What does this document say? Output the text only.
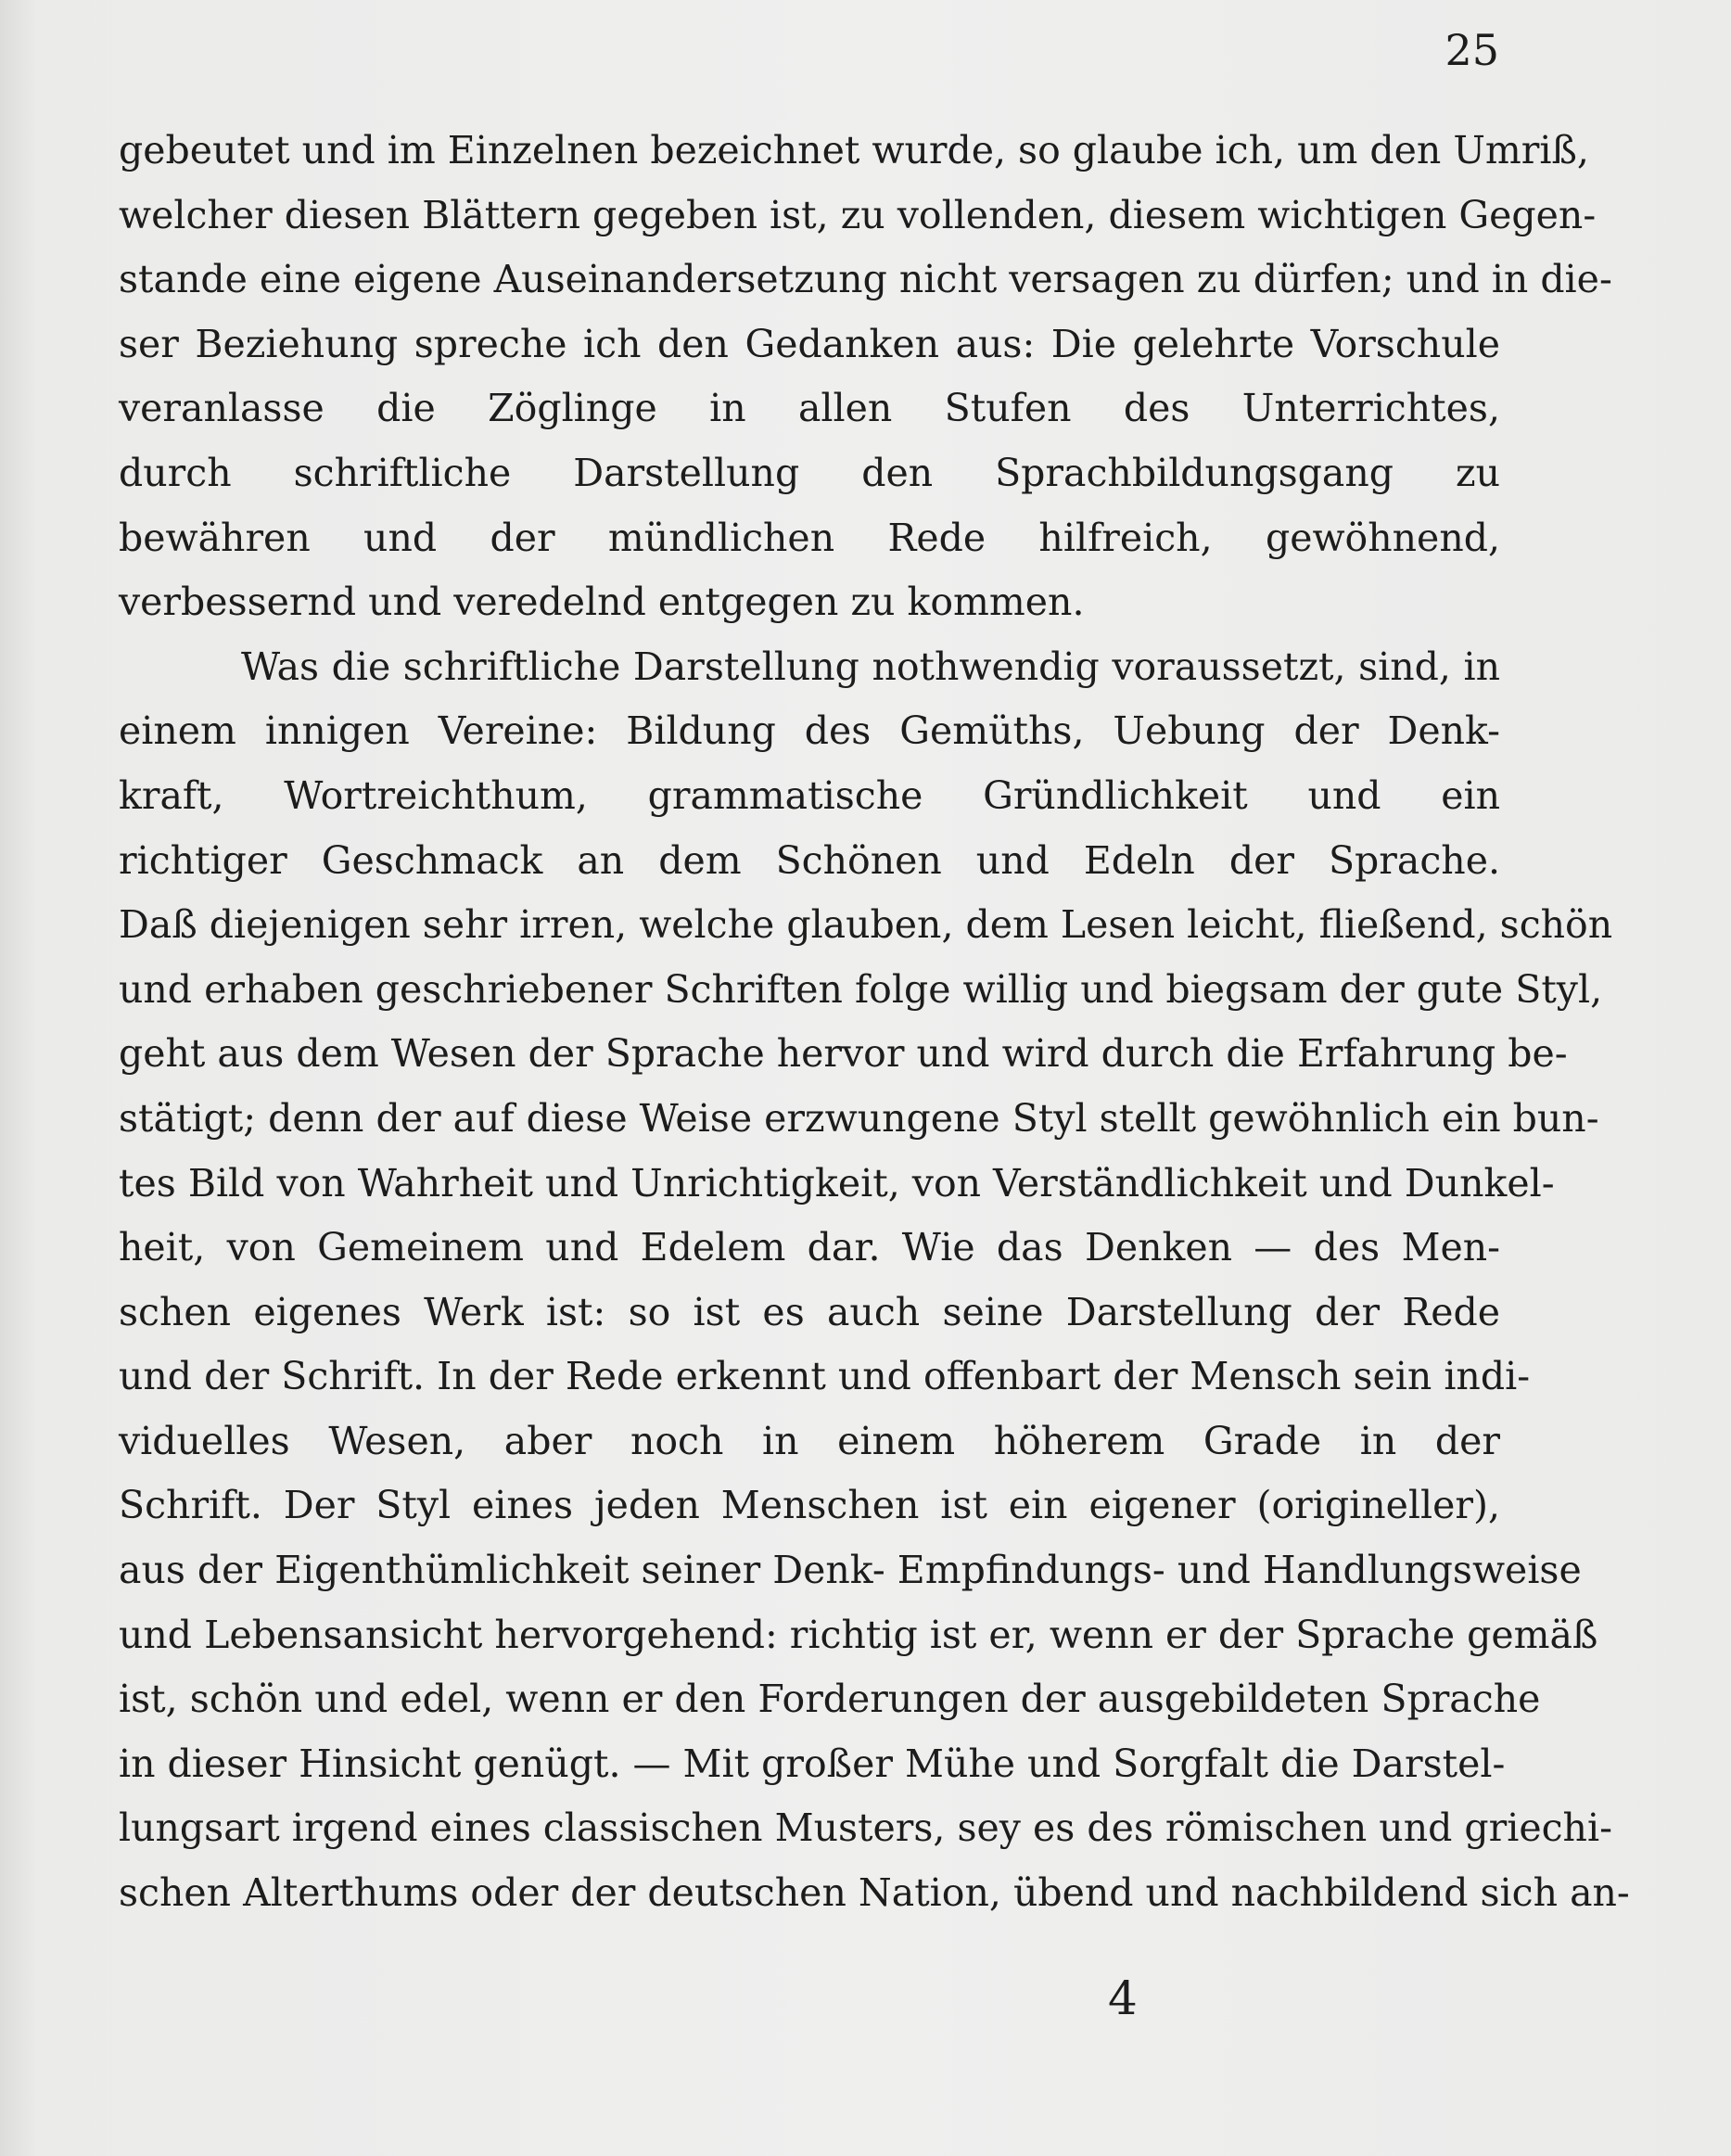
25
gebeutet und im Einzelnen bezeichnet wurde, so glaube ich, um den Umriß,
welcher diesen Blättern gegeben ist, zu vollenden, diesem wichtigen Gegen-
stande eine eigene Auseinandersetzung nicht versagen zu dürfen; und in die-
ser Beziehung spreche ich den Gedanken aus: Die gelehrte Vorschule
veranlasse die Zöglinge in allen Stufen des Unterrichtes,
durch schriftliche Darstellung den Sprachbildungsgang zu
bewähren und der mündlichen Rede hilfreich, gewöhnend,
verbessernd und veredelnd entgegen zu kommen.
Was die schriftliche Darstellung nothwendig voraussetzt, sind, in
einem innigen Vereine: Bildung des Gemüths, Uebung der Denk-
kraft, Wortreichthum, grammatische Gründlichkeit und ein
richtiger Geschmack an dem Schönen und Edeln der Sprache.
Daß diejenigen sehr irren, welche glauben, dem Lesen leicht, fließend, schön
und erhaben geschriebener Schriften folge willig und biegsam der gute Styl,
geht aus dem Wesen der Sprache hervor und wird durch die Erfahrung be-
stätigt; denn der auf diese Weise erzwungene Styl stellt gewöhnlich ein bun-
tes Bild von Wahrheit und Unrichtigkeit, von Verständlichkeit und Dunkel-
heit, von Gemeinem und Edelem dar. Wie das Denken — des Men-
schen eigenes Werk ist: so ist es auch seine Darstellung der Rede
und der Schrift. In der Rede erkennt und offenbart der Mensch sein indi-
viduelles Wesen, aber noch in einem höherem Grade in der
Schrift. Der Styl eines jeden Menschen ist ein eigener (origineller),
aus der Eigenthümlichkeit seiner Denk- Empfindungs- und Handlungsweise
und Lebensansicht hervorgehend: richtig ist er, wenn er der Sprache gemäß
ist, schön und edel, wenn er den Forderungen der ausgebildeten Sprache
in dieser Hinsicht genügt. — Mit großer Mühe und Sorgfalt die Darstel-
lungsart irgend eines classischen Musters, sey es des römischen und griechi-
schen Alterthums oder der deutschen Nation, übend und nachbildend sich an-
4
